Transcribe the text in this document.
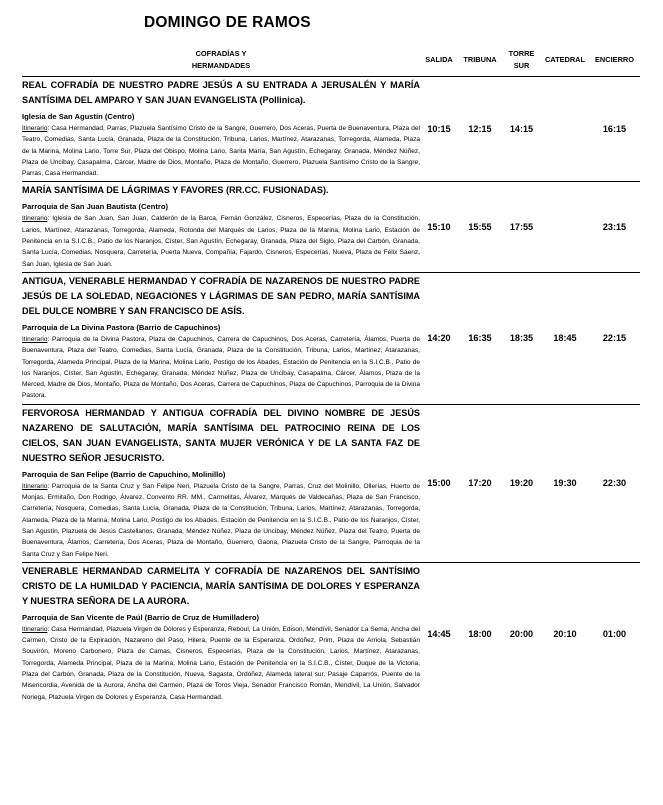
DOMINGO DE RAMOS
COFRADÍAS Y
HERMANDADES	SALIDA	TRIBUNA	TORRE
SUR	CATEDRAL	ENCIERRO

REAL COFRADÍA DE NUESTRO PADRE JESÚS A SU ENTRADA A JERUSALÉN Y MARÍA SANTÍSIMA DEL AMPARO Y SAN JUAN EVANGELISTA (Pollinica).
Iglesia de San Agustín (Centro)
Itinerario: Casa Hermandad, Parras, Plazuela Santísimo Cristo de la Sangre, Guerrero, Dos Aceras, Puerta de Buenaventura, Plaza del Teatro, Comedias, Santa Lucía, Granada, Plaza de la Constitución, Tribuna, Larios, Martínez, Atarazanas, Torregorda, Alameda, Plaza de la Marina, Molina Lario, Torre Sur, Plaza del Obispo, Molina Lario, Santa María, San Agustín, Echegaray, Granada, Méndez Núñez, Plaza de Uncibay, Casapalma, Cárcer, Madre de Dios, Montaño, Plaza de Montaño, Guerrero, Plazuela Santísimo Cristo de la Sangre, Parras, Casa Hermandad.	10:15	12:15	14:15		16:15

MARÍA SANTÍSIMA DE LÁGRIMAS Y FAVORES (RR.CC. FUSIONADAS).
Parroquia de San Juan Bautista (Centro)
Itinerario: Iglesia de San Juan, San Juan, Calderón de la Barca, Fernán González, Cisneros, Especerías, Plaza de la Constitución, Larios, Martínez, Atarazanas, Torregorda, Alameda, Rotonda del Marqués de Larios, Plaza de la Marina, Molina Lario, Estación de Penitencia en la S.I.C.B., Patio de los Naranjos, Císter, San Agustín, Echegaray, Granada, Plaza del Siglo, Plaza del Carbón, Granada, Santa Lucía, Comedias, Nosquera, Carretería, Puerta Nueva, Compañía, Fajardo, Cisneros, Especerías, Nueva, Plaza de Félix Sáenz, San Juan, Iglesia de San Juan.	15:10	15:55	17:55		23:15

ANTIGUA, VENERABLE HERMANDAD Y COFRADÍA DE NAZARENOS DE NUESTRO PADRE JESÚS DE LA SOLEDAD, NEGACIONES Y LÁGRIMAS DE SAN PEDRO, MARÍA SANTÍSIMA DEL DULCE NOMBRE Y SAN FRANCISCO DE ASÍS.
Parroquia de La Divina Pastora (Barrio de Capuchinos)
Itinerario: Parroquia de la Divina Pastora, Plaza de Capuchinos, Carrera de Capuchinos, Dos Aceras, Carretería, Álamos, Puerta de Buenaventura, Plaza del Teatro, Comedias, Santa Lucía, Granada, Plaza de la Constitución, Tribuna, Larios, Martínez, Atarazanas, Torregorda, Alameda Principal, Plaza de la Marina, Molina Lario, Postigo de los Abades, Estación de Penitencia en la S.I.C.B., Patio de los Naranjos, Císter, San Agustín, Echegaray, Granada, Méndez Núñez, Plaza de Uncibay, Casapalma, Cárcer, Álamos, Plaza de la Merced, Madre de Dios, Montaño, Plaza de Montaño, Dos Aceras, Carrera de Capuchinos, Plaza de Capuchinos, Parroquia de la Divina Pastora.	14:20	16:35	18:35	18:45	22:15

FERVOROSA HERMANDAD Y ANTIGUA COFRADÍA DEL DIVINO NOMBRE DE JESÚS NAZARENO DE SALUTACIÓN, MARÍA SANTÍSIMA DEL PATROCINIO REINA DE LOS CIELOS, SAN JUAN EVANGELISTA, SANTA MUJER VERÓNICA Y DE LA SANTA FAZ DE NUESTRO SEÑOR JESUCRISTO.
Parroquia de San Felipe (Barrio de Capuchino, Molinillo)
Itinerario: Parroquia de la Santa Cruz y San Felipe Neri, Plazuela Cristo de la Sangre, Parras, Cruz del Molinillo, Ollerías, Huerto de Monjas, Ermitaño, Don Rodrigo, Álvarez, Convento RR. MM., Carmelitas, Álvarez, Marqués de Valdecañas, Plaza de San Francisco, Carretería, Nosquera, Comedias, Santa Lucía, Granada, Plaza de la Constitución, Tribuna, Larios, Martínez, Atarazanas, Torregorda, Alameda, Plaza de la Marina, Molina Lario, Postigo de los Abades, Estación de Penitencia en la S.I.C.B., Patio de los Naranjos, Císter, San Agustín, Plazuela de Jesús Castellanos, Granada, Méndez Núñez, Plaza de Uncibay, Méndez Núñez, Plaza del Teatro, Puerta de Buenaventura, Álamos, Carretería, Dos Aceras, Plaza de Montaño, Guerrero, Gaona, Plazuela Cristo de la Sangre, Parroquia de la Santa Cruz y San Felipe Neri.	15:00	17:20	19:20	19:30	22:30

VENERABLE HERMANDAD CARMELITA Y COFRADÍA DE NAZARENOS DEL SANTÍSIMO CRISTO DE LA HUMILDAD Y PACIENCIA, MARÍA SANTÍSIMA DE DOLORES Y ESPERANZA Y NUESTRA SEÑORA DE LA AURORA.
Parroquia de San Vicente de Paúl (Barrio de Cruz de Humilladero)
Itinerario: Casa Hermandad, Plazuela Virgen de Dolores y Esperanza, Reboul, La Unión, Edison, Mendívil, Senador La Sema, Ancha del Carmen, Cristo de la Expiración, Nazareno del Paso, Hilera, Puente de la Esperanza, Ordóñez, Prim, Plaza de Arriola, Sebastián Souvirón, Moreno Carbonero, Plaza de Camas, Cisneros, Especerías, Plaza de la Constitución, Larios, Martínez, Atarazanas, Torregorda, Alameda Principal, Plaza de la Marina, Molina Lario, Estación de Penitencia en la S.I.C.B., Císter, Duque de la Victoria, Plaza del Carbón, Granada, Plaza de la Constitución, Nueva, Sagasta, Ordóñez, Alameda lateral sur, Pasaje Caparrós, Puente de la Misericordia, Avenida de la Aurora, Ancha del Carmen, Plaza de Toros Vieja, Senador Francisco Román, Mendívil, La Unión, Salvador Noriega, Plazuela Virgen de Dolores y Esperanza, Casa Hermandad.	14:45	18:00	20:00	20:10	01:00
